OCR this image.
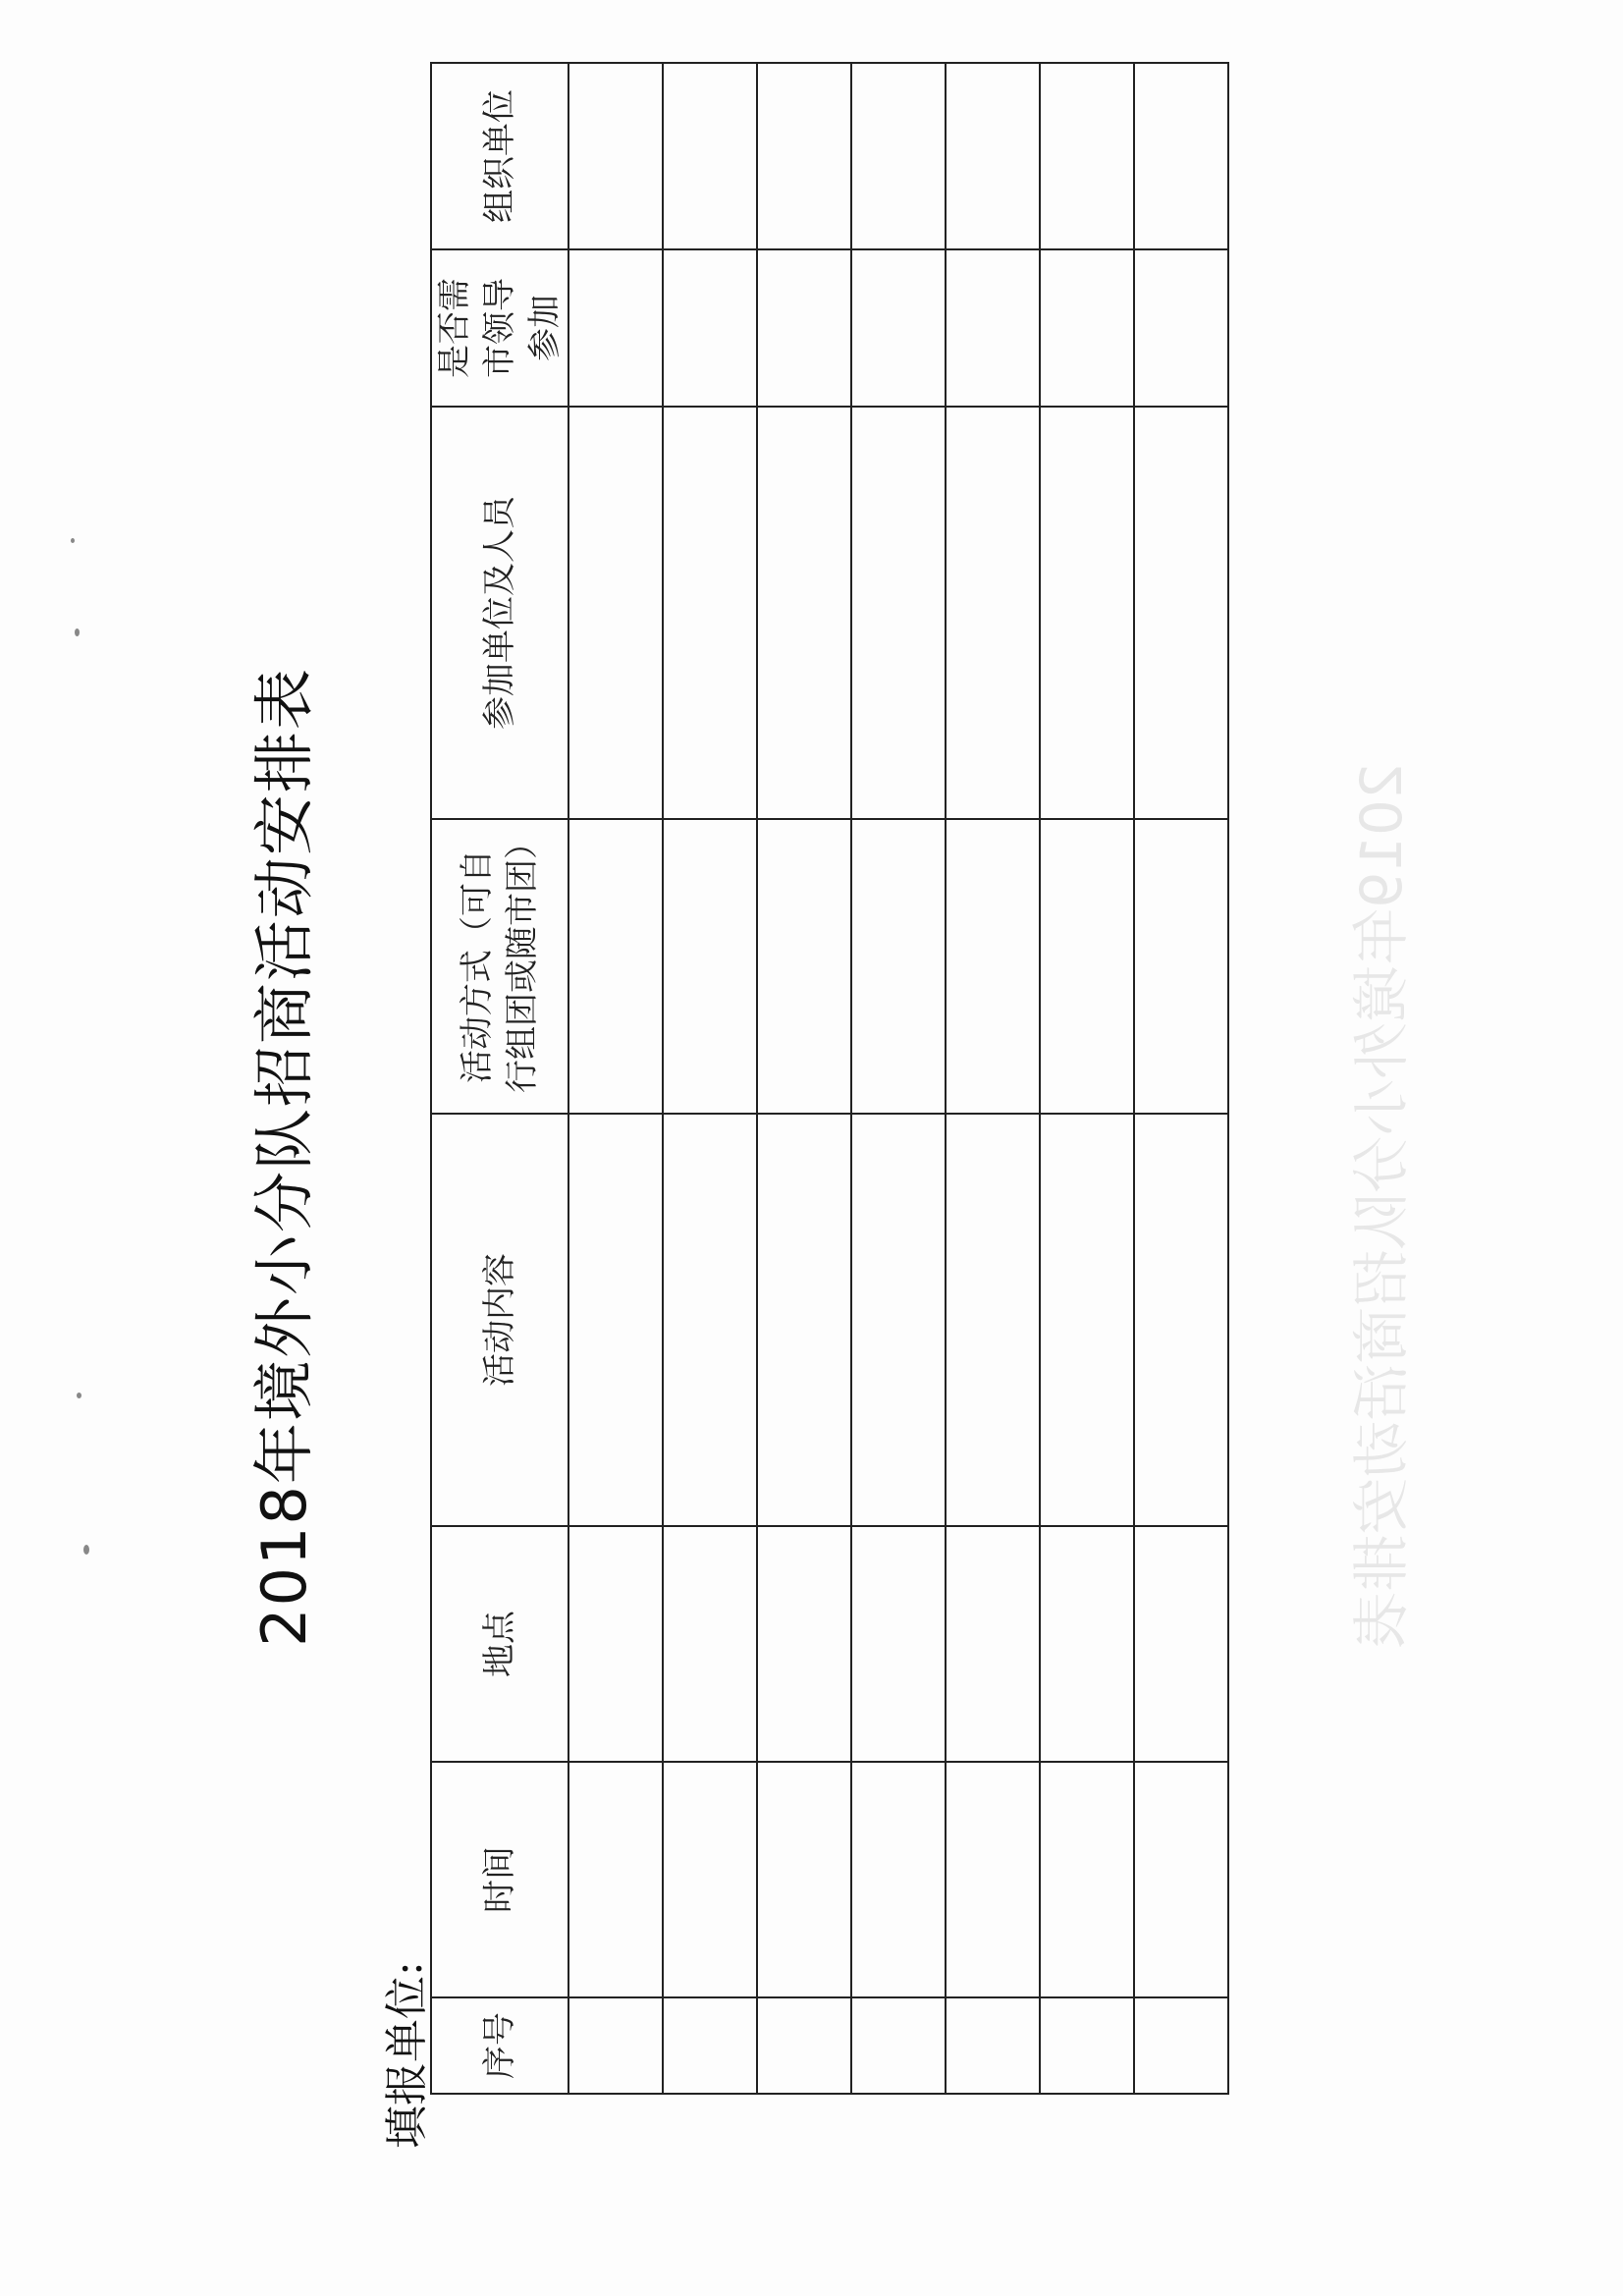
2018年境外小分队招商活动安排表
填报单位: 序号	时间	地点	活动内容	活动方式（可自行组团或随市团）	参加单位及人员	是否需市领导参加	组织单位

2019年境外小分队招商活动安排表
